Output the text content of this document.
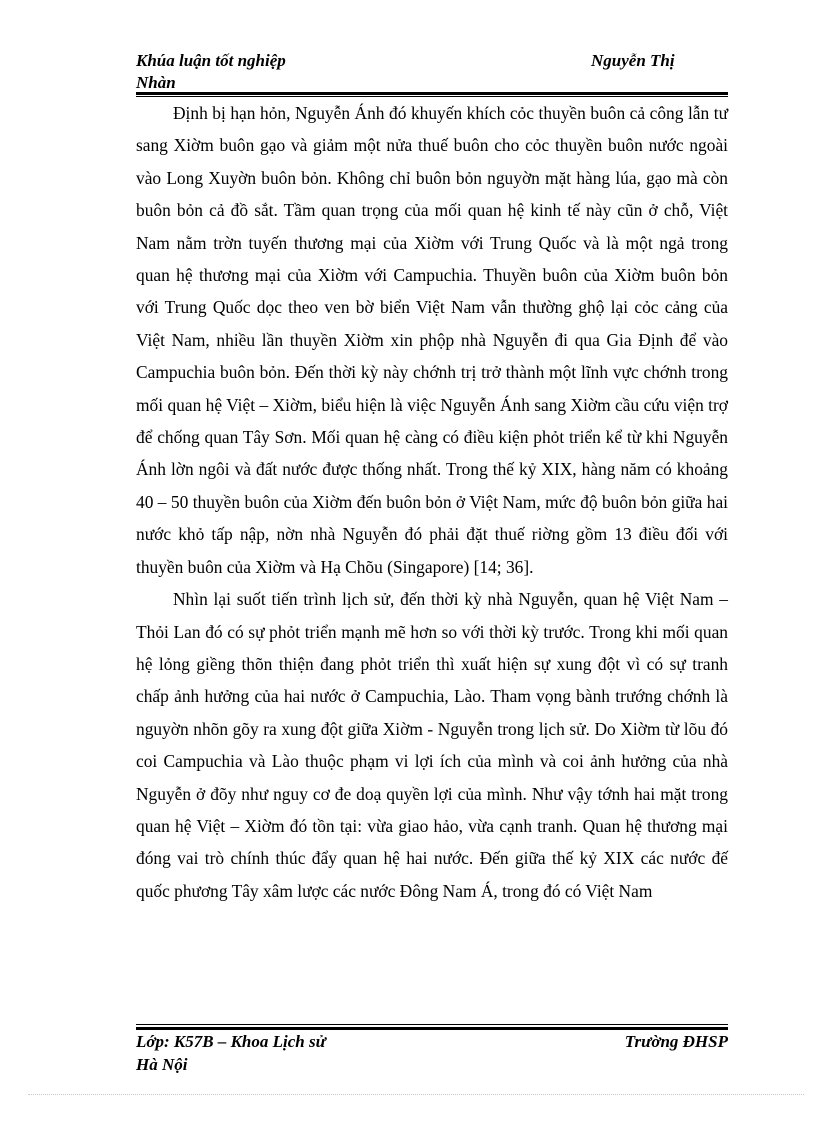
Khúa luận tốt nghiệp	Nguyễn Thị
Nhàn

Định bị hạn hỏn, Nguyễn Ánh đó khuyến khích cỏc thuyền buôn cả công lẫn tư sang Xiờm buôn gạo và giảm một nửa thuế buôn cho cỏc thuyền buôn nước ngoài vào Long Xuyờn buôn bỏn. Không chỉ buôn bỏn nguyờn mặt hàng lúa, gạo mà còn buôn bỏn cả đồ sắt. Tầm quan trọng của mối quan hệ kinh tế này cũn ở chỗ, Việt Nam nằm trờn tuyến thương mại của Xiờm với Trung Quốc và là một ngả trong quan hệ thương mại của Xiờm với Campuchia. Thuyền buôn của Xiờm buôn bỏn với Trung Quốc dọc theo ven bờ biển Việt Nam vẫn thường ghộ lại cỏc cảng của Việt Nam, nhiều lần thuyền Xiờm xin phộp nhà Nguyễn đi qua Gia Định để vào Campuchia buôn bỏn. Đến thời kỳ này chớnh trị trở thành một lĩnh vực chớnh trong mối quan hệ Việt – Xiờm, biểu hiện là việc Nguyễn Ánh sang Xiờm cầu cứu viện trợ để chống quan Tây Sơn. Mối quan hệ càng có điều kiện phỏt triển kể từ khi Nguyễn Ánh lờn ngôi và đất nước được thống nhất. Trong thế kỷ XIX, hàng năm có khoảng 40 – 50 thuyền buôn của Xiờm đến buôn bỏn ở Việt Nam, mức độ buôn bỏn giữa hai nước khỏ tấp nập, nờn nhà Nguyễn đó phải đặt thuế riờng gồm 13 điều đối với thuyền buôn của Xiờm và Hạ Chõu (Singapore) [14; 36].

Nhìn lại suốt tiến trình lịch sử, đến thời kỳ nhà Nguyễn, quan hệ Việt Nam – Thỏi Lan đó có sự phỏt triển mạnh mẽ hơn so với thời kỳ trước. Trong khi mối quan hệ lỏng giềng thõn thiện đang phỏt triển thì xuất hiện sự xung đột vì có sự tranh chấp ảnh hưởng của hai nước ở Campuchia, Lào. Tham vọng bành trướng chớnh là nguyờn nhõn gõy ra xung đột giữa Xiờm - Nguyễn trong lịch sử. Do Xiờm từ lõu đó coi Campuchia và Lào thuộc phạm vi lợi ích của mình và coi ảnh hưởng của nhà Nguyễn ở đõy như nguy cơ đe doạ quyền lợi của mình. Như vậy tớnh hai mặt trong quan hệ Việt – Xiờm đó tồn tại: vừa giao hảo, vừa cạnh tranh. Quan hệ thương mại đóng vai trò chính thúc đẩy quan hệ hai nước. Đến giữa thế kỷ XIX các nước đế quốc phương Tây xâm lược các nước Đông Nam Á, trong đó có Việt Nam

Lớp: K57B – Khoa Lịch sử	Trường ĐHSP
Hà Nội
